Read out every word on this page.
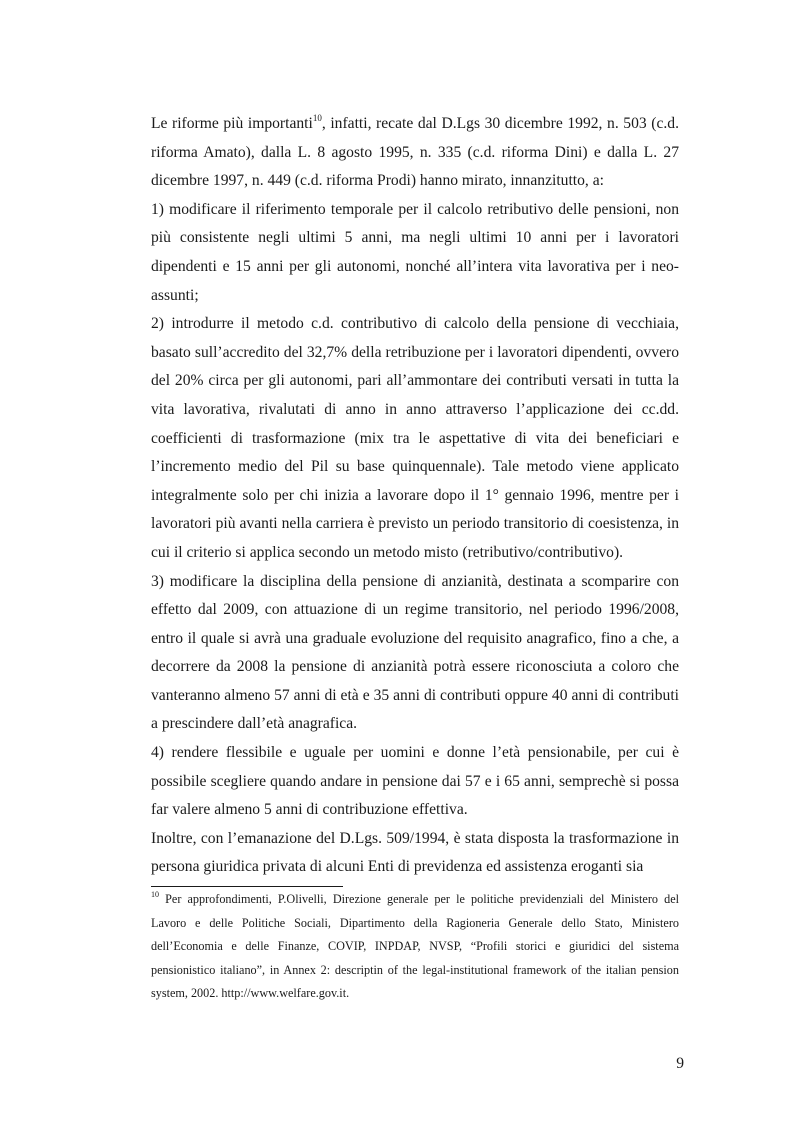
Le riforme più importanti$^{10}$, infatti, recate dal D.Lgs 30 dicembre 1992, n. 503 (c.d. riforma Amato), dalla L. 8 agosto 1995, n. 335 (c.d. riforma Dini) e dalla L. 27 dicembre 1997, n. 449 (c.d. riforma Prodi) hanno mirato, innanzitutto, a:

1) modificare il riferimento temporale per il calcolo retributivo delle pensioni, non più consistente negli ultimi 5 anni, ma negli ultimi 10 anni per i lavoratori dipendenti e 15 anni per gli autonomi, nonché all’intera vita lavorativa per i neo-assunti;

2) introdurre il metodo c.d. contributivo di calcolo della pensione di vecchiaia, basato sull’accredito del 32,7% della retribuzione per i lavoratori dipendenti, ovvero del 20% circa per gli autonomi, pari all’ammontare dei contributi versati in tutta la vita lavorativa, rivalutati di anno in anno attraverso l’applicazione dei cc.dd. coefficienti di trasformazione (mix tra le aspettative di vita dei beneficiari e l’incremento medio del Pil su base quinquennale). Tale metodo viene applicato integralmente solo per chi inizia a lavorare dopo il 1° gennaio 1996, mentre per i lavoratori più avanti nella carriera è previsto un periodo transitorio di coesistenza, in cui il criterio si applica secondo un metodo misto (retributivo/contributivo).

3) modificare la disciplina della pensione di anzianità, destinata a scomparire con effetto dal 2009, con attuazione di un regime transitorio, nel periodo 1996/2008, entro il quale si avrà una graduale evoluzione del requisito anagrafico, fino a che, a decorrere da 2008 la pensione di anzianità potrà essere riconosciuta a coloro che vanteranno almeno 57 anni di età e 35 anni di contributi oppure 40 anni di contributi a prescindere dall’età anagrafica.

4) rendere flessibile e uguale per uomini e donne l’età pensionabile, per cui è possibile scegliere quando andare in pensione dai 57 e i 65 anni, semprechè si possa far valere almeno 5 anni di contribuzione effettiva.

Inoltre, con l’emanazione del D.Lgs. 509/1994, è stata disposta la trasformazione in persona giuridica privata di alcuni Enti di previdenza ed assistenza eroganti sia

$^{10}$ Per approfondimenti, P.Olivelli, Direzione generale per le politiche previdenziali del Ministero del Lavoro e delle Politiche Sociali, Dipartimento della Ragioneria Generale dello Stato, Ministero dell’Economia e delle Finanze, COVIP, INPDAP, NVSP, “Profili storici e giuridici del sistema pensionistico italiano”, in Annex 2: descriptin of the legal-institutional framework of the italian pension system, 2002. http://www.welfare.gov.it.
9
